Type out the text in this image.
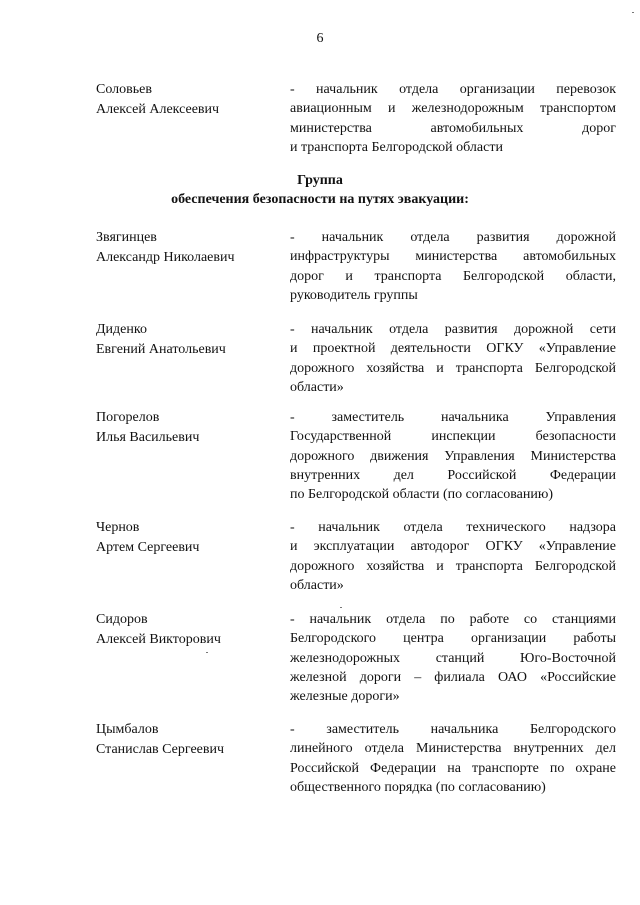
6
Соловьев
Алексей Алексеевич
- начальник отдела организации перевозок
авиационным и железнодорожным транспортом
министерства автомобильных дорог
и транспорта Белгородской области
Группа
обеспечения безопасности на путях эвакуации:
Звягинцев
Александр Николаевич
- начальник отдела развития дорожной
инфраструктуры министерства автомобильных
дорог и транспорта Белгородской области,
руководитель группы
Диденко
Евгений Анатольевич
- начальник отдела развития дорожной сети
и проектной деятельности ОГКУ «Управление
дорожного хозяйства и транспорта Белгородской
области»
Погорелов
Илья Васильевич
- заместитель начальника Управления
Государственной инспекции безопасности
дорожного движения Управления Министерства
внутренних дел Российской Федерации
по Белгородской области (по согласованию)
Чернов
Артем Сергеевич
- начальник отдела технического надзора
и эксплуатации автодорог ОГКУ «Управление
дорожного хозяйства и транспорта Белгородской
области»
Сидоров
Алексей Викторович
- начальник отдела по работе со станциями
Белгородского центра организации работы
железнодорожных станций Юго-Восточной
железной дороги – филиала ОАО «Российские
железные дороги»
Цымбалов
Станислав Сергеевич
- заместитель начальника Белгородского
линейного отдела Министерства внутренних дел
Российской Федерации на транспорте по охране
общественного порядка (по согласованию)
